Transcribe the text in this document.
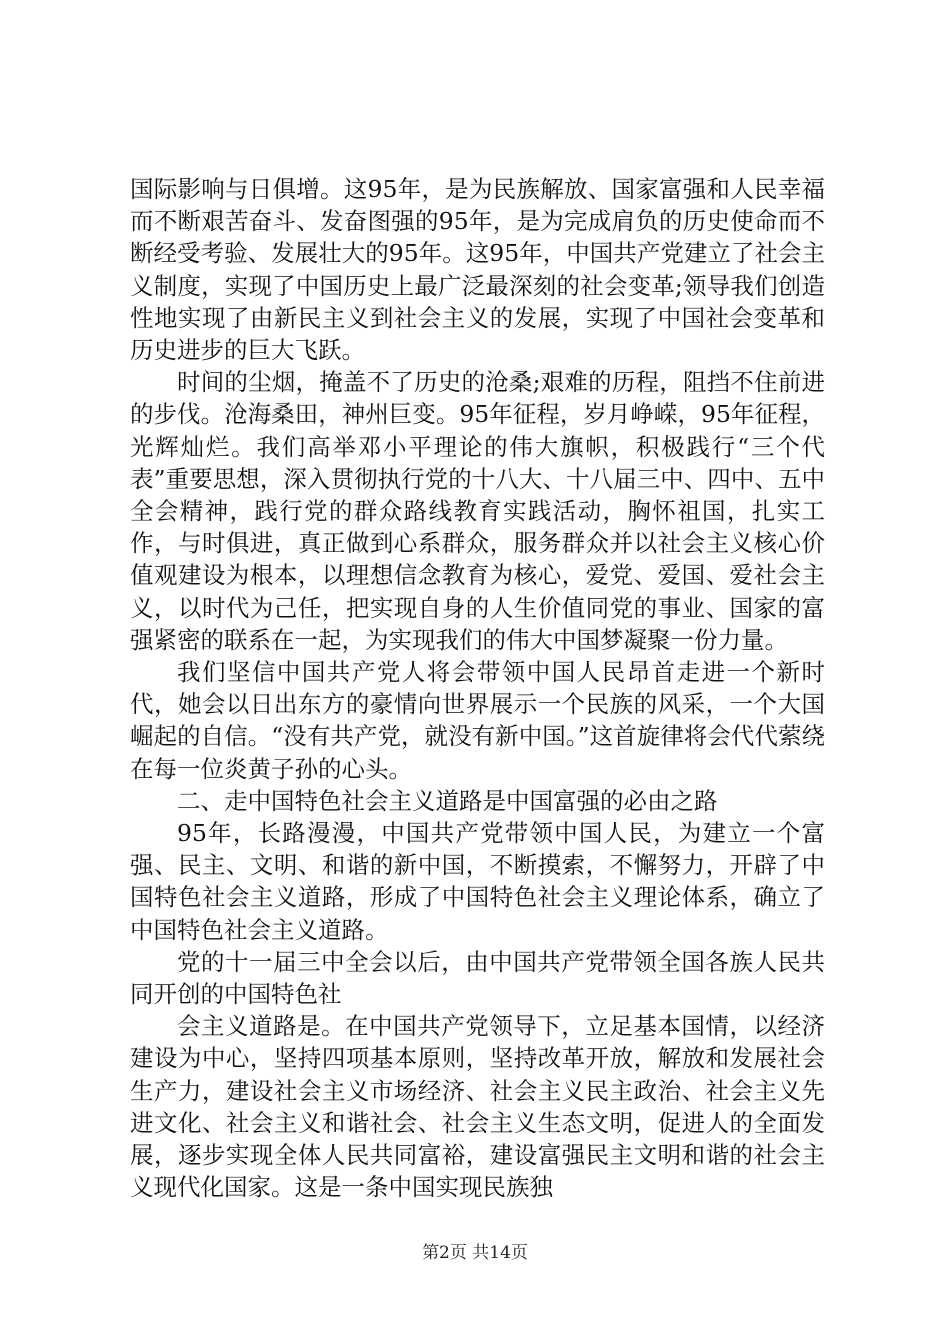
国际影响与日俱增。这95年，是为民族解放、国家富强和人民幸福而不断艰苦奋斗、发奋图强的95年，是为完成肩负的历史使命而不断经受考验、发展壮大的95年。这95年，中国共产党建立了社会主义制度，实现了中国历史上最广泛最深刻的社会变革;领导我们创造性地实现了由新民主义到社会主义的发展，实现了中国社会变革和历史进步的巨大飞跃。

时间的尘烟，掩盖不了历史的沧桑;艰难的历程，阻挡不住前进的步伐。沧海桑田，神州巨变。95年征程，岁月峥嵘，95年征程，光辉灿烂。我们高举邓小平理论的伟大旗帜，积极践行“三个代表”重要思想，深入贯彻执行党的十八大、十八届三中、四中、五中全会精神，践行党的群众路线教育实践活动，胸怀祖国，扎实工作，与时俱进，真正做到心系群众，服务群众并以社会主义核心价值观建设为根本，以理想信念教育为核心，爱党、爱国、爱社会主义，以时代为己任，把实现自身的人生价值同党的事业、国家的富强紧密的联系在一起，为实现我们的伟大中国梦凝聚一份力量。

我们坚信中国共产党人将会带领中国人民昂首走进一个新时代，她会以日出东方的豪情向世界展示一个民族的风采，一个大国崛起的自信。“没有共产党，就没有新中国。”这首旋律将会代代萦绕在每一位炎黄子孙的心头。

二、走中国特色社会主义道路是中国富强的必由之路

95年，长路漫漫，中国共产党带领中国人民，为建立一个富强、民主、文明、和谐的新中国，不断摸索，不懈努力，开辟了中国特色社会主义道路，形成了中国特色社会主义理论体系，确立了中国特色社会主义道路。

党的十一届三中全会以后，由中国共产党带领全国各族人民共同开创的中国特色社

会主义道路是。在中国共产党领导下，立足基本国情，以经济建设为中心，坚持四项基本原则，坚持改革开放，解放和发展社会生产力，建设社会主义市场经济、社会主义民主政治、社会主义先进文化、社会主义和谐社会、社会主义生态文明，促进人的全面发展，逐步实现全体人民共同富裕，建设富强民主文明和谐的社会主义现代化国家。这是一条中国实现民族独

第2页 共14页
